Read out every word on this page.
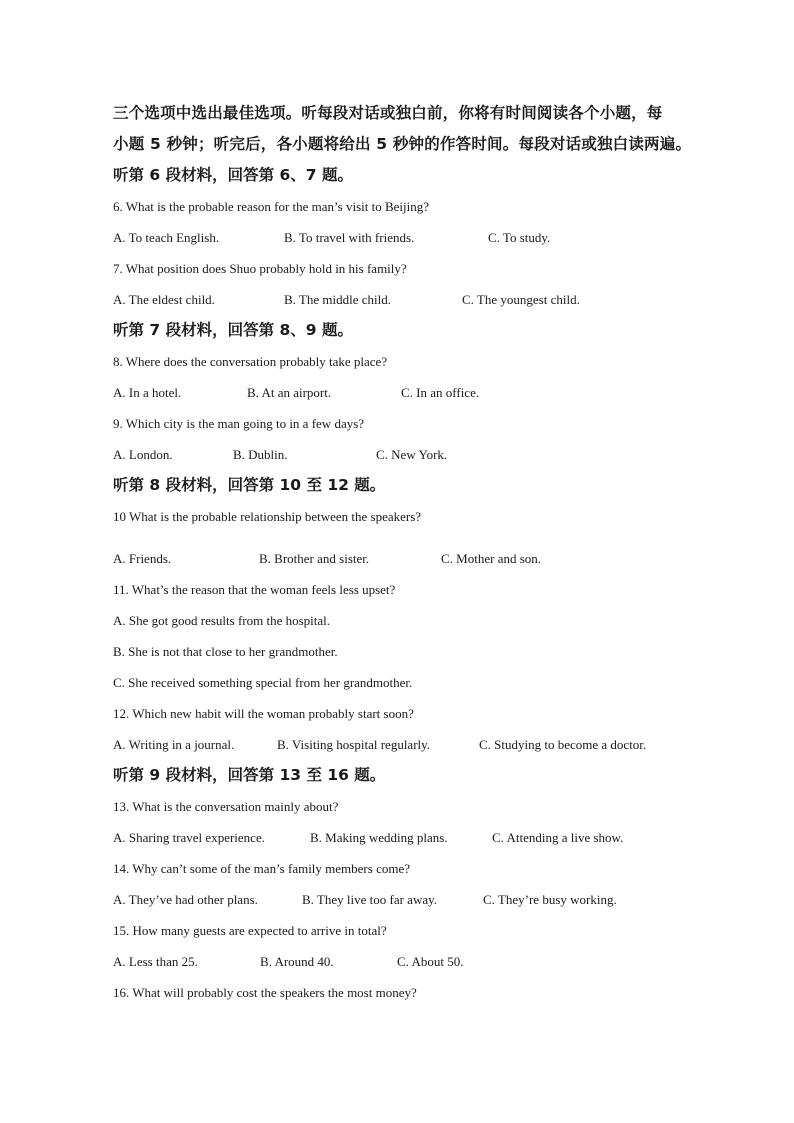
三个选项中选出最佳选项。听每段对话或独白前，你将有时间阅读各个小题，每
小题 5 秒钟；听完后，各小题将给出 5 秒钟的作答时间。每段对话或独白读两遍。
听第 6 段材料，回答第 6、7 题。
6. What is the probable reason for the man’s visit to Beijing?
A. To teach English.	B. To travel with friends.	C. To study.
7. What position does Shuo probably hold in his family?
A. The eldest child.	B. The middle child.	C. The youngest child.
听第 7 段材料，回答第 8、9 题。
8. Where does the conversation probably take place?
A. In a hotel.	B. At an airport.	C. In an office.
9. Which city is the man going to in a few days?
A. London.	B. Dublin.	C. New York.
听第 8 段材料，回答第 10 至 12 题。
10 What is the probable relationship between the speakers?
A. Friends.	B. Brother and sister.	C. Mother and son.
11. What’s the reason that the woman feels less upset?
A. She got good results from the hospital.
B. She is not that close to her grandmother.
C. She received something special from her grandmother.
12. Which new habit will the woman probably start soon?
A. Writing in a journal.	B. Visiting hospital regularly.	C. Studying to become a doctor.
听第 9 段材料，回答第 13 至 16 题。
13. What is the conversation mainly about?
A. Sharing travel experience.	B. Making wedding plans.	C. Attending a live show.
14. Why can’t some of the man’s family members come?
A. They’ve had other plans.	B. They live too far away.	C. They’re busy working.
15. How many guests are expected to arrive in total?
A. Less than 25.	B. Around 40.	C. About 50.
16. What will probably cost the speakers the most money?
